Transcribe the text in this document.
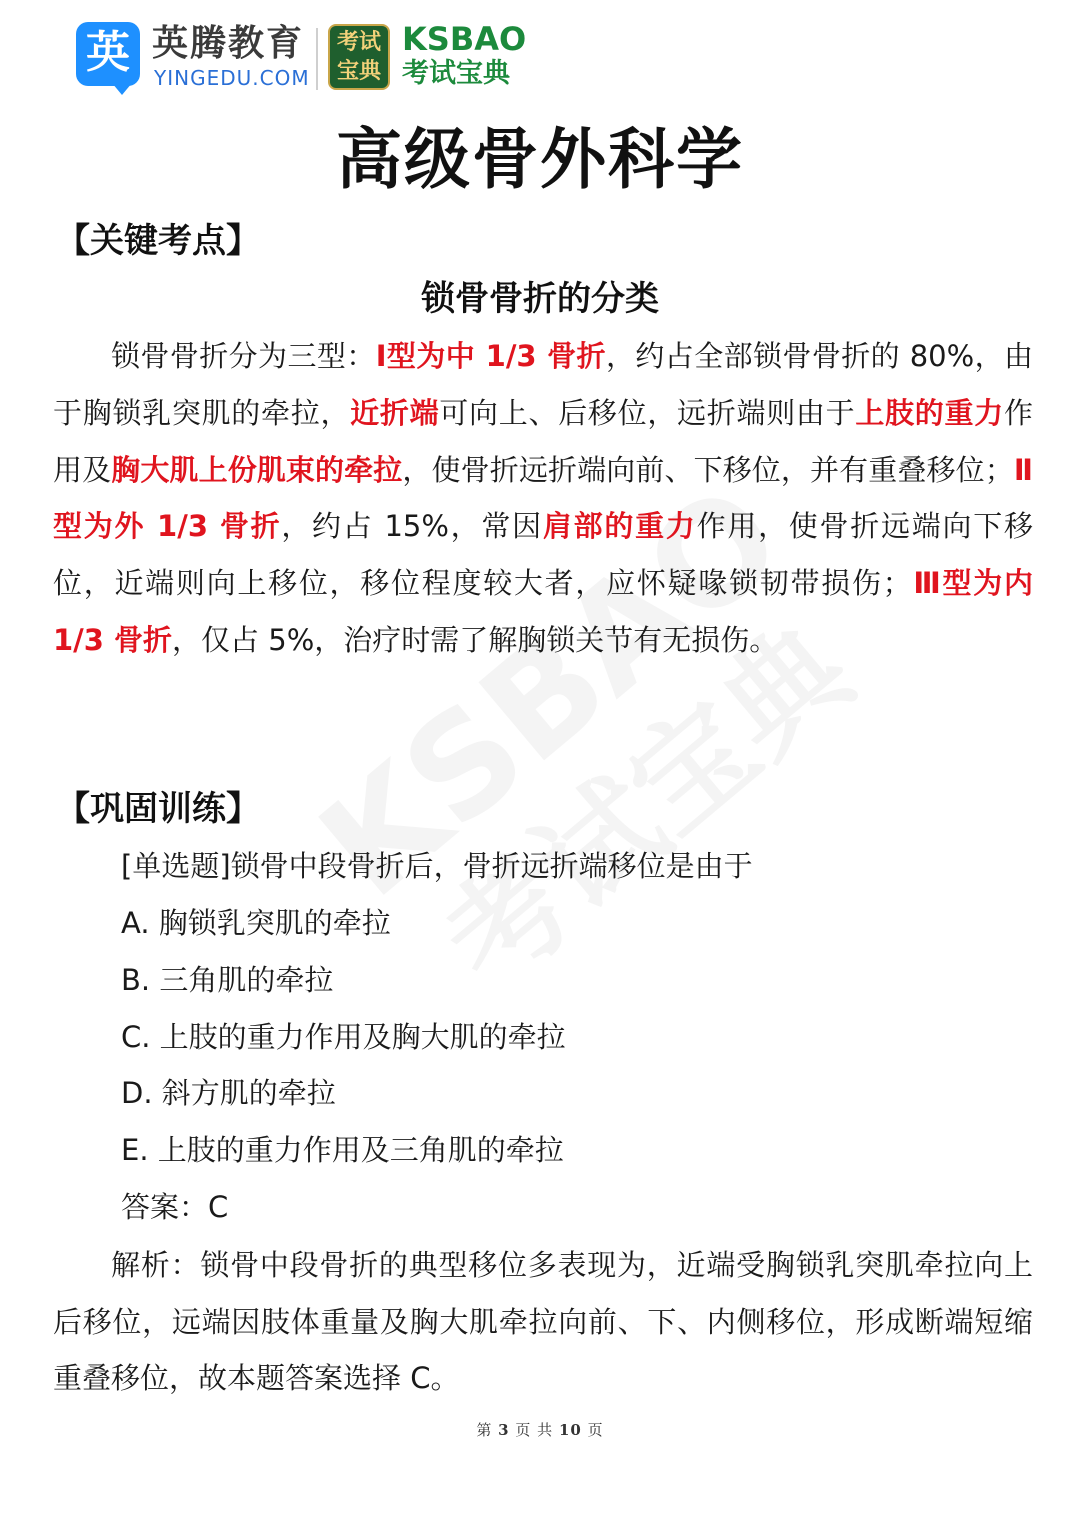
英 英腾教育
YINGEDU.COM
考试
宝典
KSBAO
考试宝典
高级骨外科学
【关键考点】
锁骨骨折的分类

锁骨骨折分为三型：Ⅰ型为中 1/3 骨折，约占全部锁骨骨折的 80%，由于胸锁乳突肌的牵拉，近折端可向上、后移位，远折端则由于上肢的重力作用及胸大肌上份肌束的牵拉，使骨折远折端向前、下移位，并有重叠移位；Ⅱ型为外 1/3 骨折，约占 15%，常因肩部的重力作用，使骨折远端向下移位，近端则向上移位，移位程度较大者，应怀疑喙锁韧带损伤；Ⅲ型为内 1/3 骨折，仅占 5%，治疗时需了解胸锁关节有无损伤。

【巩固训练】
[单选题]锁骨中段骨折后，骨折远折端移位是由于
A. 胸锁乳突肌的牵拉
B. 三角肌的牵拉
C. 上肢的重力作用及胸大肌的牵拉
D. 斜方肌的牵拉
E. 上肢的重力作用及三角肌的牵拉
答案：C

解析：锁骨中段骨折的典型移位多表现为，近端受胸锁乳突肌牵拉向上后移位，远端因肢体重量及胸大肌牵拉向前、下、内侧移位，形成断端短缩重叠移位，故本题答案选择 C。

第 3 页 共 10 页
